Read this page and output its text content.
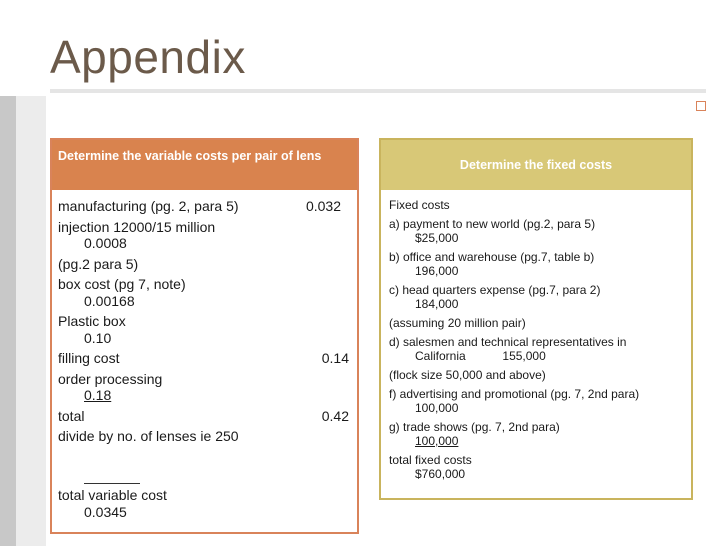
Appendix
Determine the variable costs per pair of lens
manufacturing (pg. 2, para 5)	0.032
injection 12000/15 million
0.0008
(pg.2 para 5)
box cost (pg 7, note)
0.00168
Plastic box
0.10
filling cost	0.14
order processing
0.18
total	0.42
divide by no. of lenses ie 250
total variable cost
0.0345
Determine the fixed costs
Fixed costs
a) payment to new world (pg.2, para 5)
$25,000
b) office and warehouse (pg.7, table b)
196,000
c) head quarters expense (pg.7, para 2)
184,000
(assuming 20 million pair)
d) salesmen and technical representatives in
California	155,000
(flock size 50,000 and above)
f) advertising and promotional (pg. 7, 2nd para)
100,000
g) trade shows (pg. 7, 2nd para)
100,000
total fixed costs
$760,000
